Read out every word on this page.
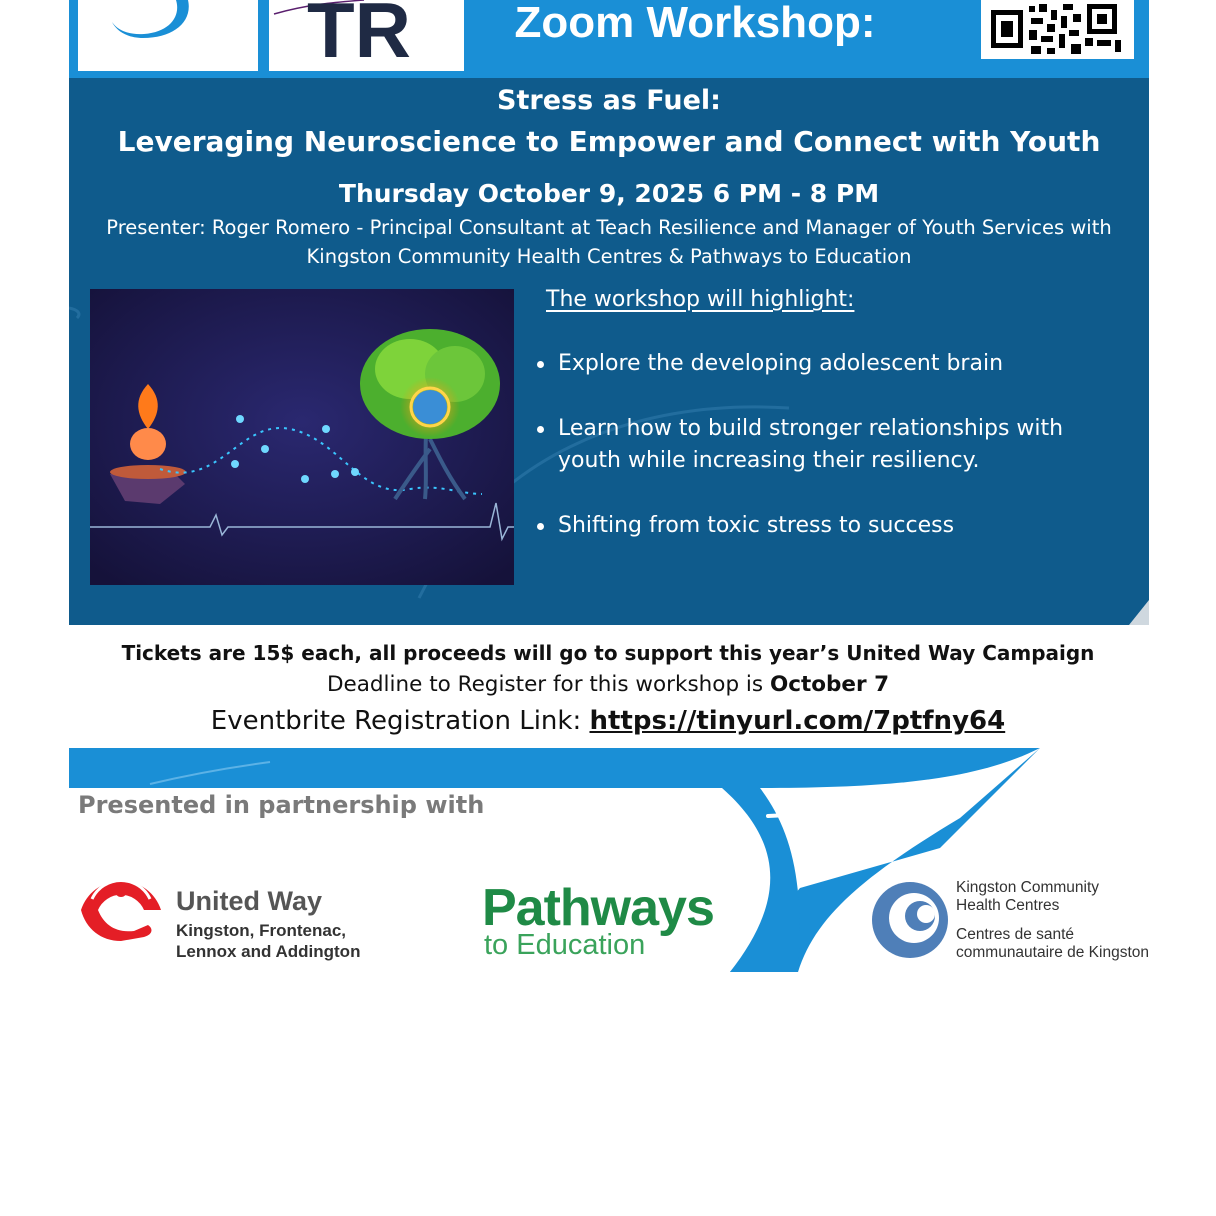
TR	Zoom Workshop:
Stress as Fuel:
Leveraging Neuroscience to Empower and Connect with Youth
Thursday October 9, 2025 6 PM - 8 PM
Presenter: Roger Romero - Principal Consultant at Teach Resilience and Manager of Youth Services with
Kingston Community Health Centres & Pathways to Education
The workshop will highlight:
Explore the developing adolescent brain
Learn how to build stronger relationships with youth while increasing their resiliency.
Shifting from toxic stress to success
Tickets are 15$ each, all proceeds will go to support this year’s United Way Campaign
Deadline to Register for this workshop is October 7
Eventbrite Registration Link: https://tinyurl.com/7ptfny64
Presented in partnership with
United Way
Kingston, Frontenac,
Lennox and Addington
Pathways
to Education
Kingston Community
Health Centres
Centres de santé
communautaire de Kingston
